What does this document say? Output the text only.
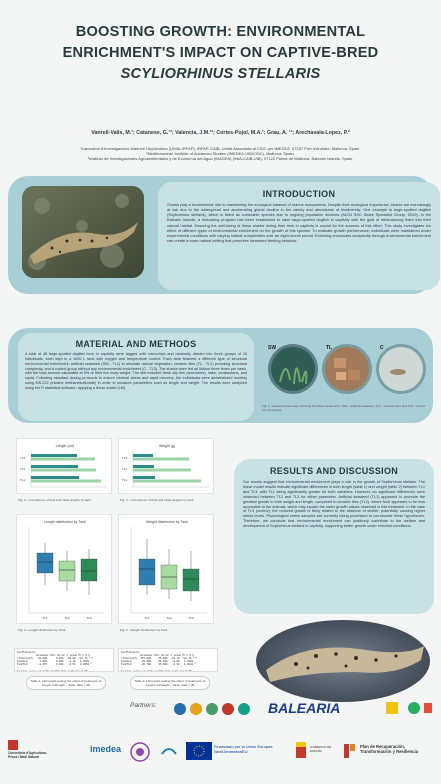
BOOSTING GROWTH: ENVIRONMENTAL
ENRICHMENT'S IMPACT ON CAPTIVE-BRED
SCYLIORHINUS STELLARIS
Vanrell-Valls, M.¹; Catanese, G.¹³; Valencia, J.M.¹³; Cortes-Pujol, M.A.¹; Grau, A. ¹³; Arechavala-Lopez, P.²
¹Laboratori d'Investigacions Marines i Aqüicultura (LIMIA-IRFAP), IRFAP, CAIB, Unitat Associada al CSIC per IMEDEA. 07157 Port d'Andratx, Mallorca, Spain.
²Mediterranean Institute of Advanced Studies (IMEDEA-UIB/CSIC), Mallorca, Spain.
³Instituto de Investigaciones Agroambientales y de Economía del Agua (INAGEA) (INIA-CAIB-UIB), 07122 Palma de Mallorca, Balearic Islands, Spain.
INTRODUCTION
Sharks play a fundamental role in maintaining the ecological balance of marine ecosystems. Despite their ecological importance, sharks are increasingly at risk due to the widespread and accelerating global decline in the variety and abundance of biodiversity. One example is large-spotted dogfish (Scyliorhinus stellaris), which is listed as vulnerable species due to ongoing population declines (IUCN SSC Shark Specialist Group, 2010). In the Balearic Islands, a restocking program has been established to raise large-spotted dogfish in captivity with the goal of reintroducing them into their natural habitat. Ensuring the well-being of these sharks during their time in captivity is crucial for the success of this effort. This study investigates the effect of different types of environmental enrichment on the growth of this species. To evaluate growth performance, individuals were maintained under experimental conditions with varying habitat complexities over an eight-month period. Enriching enclosures complexity through environmental enrichment can create a more natural setting that promotes increased feeding behavior.
MATERIAL AND METHODS
A total of 45 large-spotted dogfish born in captivity were tagged with microchips and randomly divided into three groups of 15 individuals, each kept in a 1000 L tank with oxygen and temperature control. Each tank featured a different type of structural environmental enrichment: artificial seaweed (SW - TL1) to simulate natural vegetation, ceramic tiles (TL - TL2) providing structural complexity, and a control group without any environmental enrichment (C - TL3). The sharks were fed ad libitum three times per week, with the total amount calculated at 5% of their live body weight. The diet included fresh oily fish (anchovies), hake, crustaceans, and squid. Following standard dosing protocols to ensure minimal stress and rapid recovery, the individuals were anesthetized monthly using MS-222 (tricaine methanesulfonate) in order to measure parameters such as length and weight. The results were analyzed using the R statistical software, applying a linear model (LM).
SW	TL	C
Fig. 1 - Experimental setup showing the three treatments. (SW - artificial seaweed, TL1 - ceramic tiles and TL3 - control (no structure)).
Length (cm)
TL3
TL2
TL1
Fig. 2 - Comparison of final and initial lengths by tank.
Weight (g)
TL3
TL2
TL1
Fig. 3 - Comparison of final and initial weights by tank.
Length distribution by Tank
TL1	TL2	TL3
Fig. 4 - Length distribution by Tank
Weight distribution by Tank
TL1	TL2	TL3
Fig. 5 - Weight distribution by Tank
RESULTS AND DISCUSSION
Our results suggest that environmental enrichment plays a role in the growth of Scyliorhinus stellaris. The linear model results indicate significant differences in both length (table 1) and weight (table 2) between TL1 and TL3, with TL1 being significantly greater for both variables. However, no significant differences were observed between TL2 and TL3 for either parameter. Artificial seaweed (TL1) appeared to promote the greatest growth in both weight and length, compared to ceramic tiles (TL2), where food appeared to be less accessible to the animals, which may explain the lower growth values observed in this treatment. In the case of TL3 (control), the reduced growth is likely related to the absence of shelter, potentially causing higher stress levels. Physiological stress samples are currently being processed to corroborate these hypotheses. Therefore, we conclude that environmental enrichment can positively contribute to the welfare and development of Scyliorhinus stellaris in captivity, supporting better growth under enriched conditions.
Coefficients:
Estimate Std. Error t value Pr(>|t|)
(Intercept)   42.830      0.659   64.99  <2e-16 ***
TankTL2       -1.085      0.932   -1.16   0.2509
TankTL3       -2.357      0.932   -2.53   0.0152 *
---
Signif. codes: 0 '***' 0.001 '**' 0.01 '*' 0.05
Coefficients:
Estimate Std. Error t value Pr(>|t|)
(Intercept)  357.000     25.900   13.78  <2e-16 ***
TankTL2      -29.300     36.630   -0.80   0.4282
TankTL3      -85.700     36.630   -2.34   0.0241 *
---
Signif. codes: 0 '***' 0.001 '**' 0.01 '*' 0.05
Table 1. LM results testing the effect of treatment on length. lm(length ~ Tank, data = df)
Table 2. LM results testing the effect of treatment on weight. lm(weight ~ Tank, data = df)
Partners:	BALEARIA
Conselleria d'Agricultura, Pesca i Medi Natural
imedea	Financiado por la Unión Europea NextGenerationEU
GOBIERNO DE ESPAÑA
Plan de Recuperación, Transformación y Resiliencia
